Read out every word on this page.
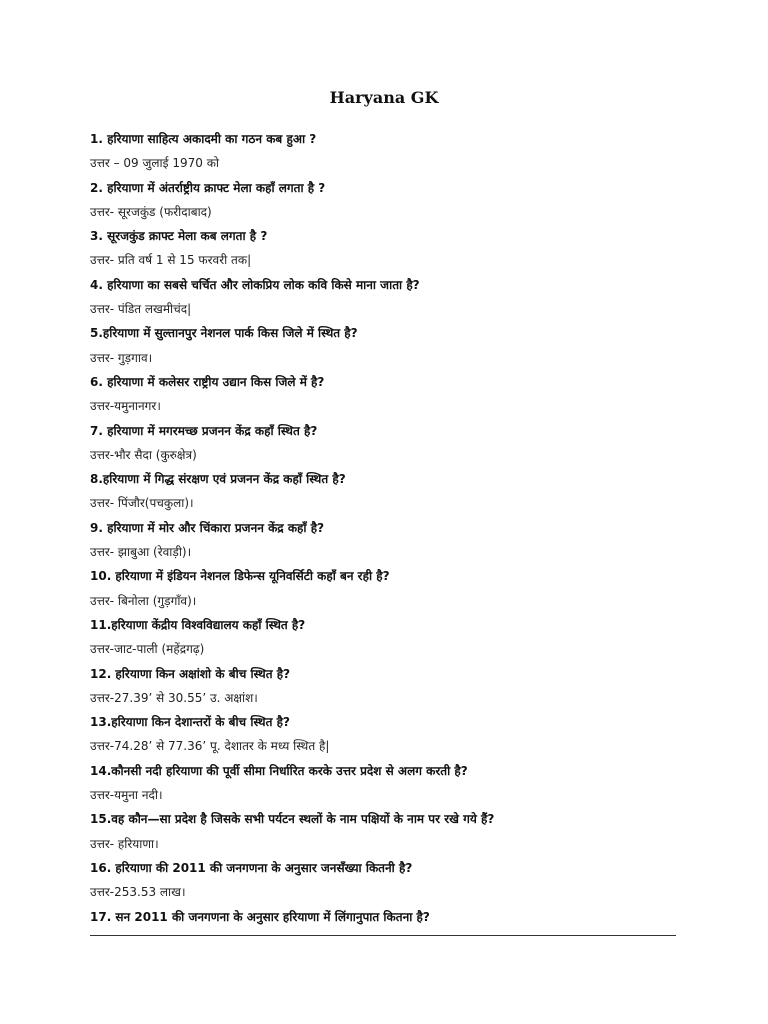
Haryana GK
1. हरियाणा साहित्य अकादमी का गठन कब हुआ ?
उत्तर – 09 जुलाई 1970 को
2. हरियाणा में अंतर्राष्ट्रीय क्राफ्ट मेला कहाँ लगता है ?
उत्तर- सूरजकुंड (फरीदाबाद)
3. सूरजकुंड क्राफ्ट मेला कब लगता है ?
उत्तर- प्रति वर्ष 1 से 15 फरवरी तक|
4. हरियाणा का सबसे चर्चित और लोकप्रिय लोक कवि किसे माना जाता है?
उत्तर- पंडित लखमीचंद|
5.हरियाणा में सुल्तानपुर नेशनल पार्क किस जिले में स्थित है?
उत्तर- गुड़गाव।
6. हरियाणा में कलेसर राष्ट्रीय उद्यान किस जिले में है?
उत्तर-यमुनानगर।
7. हरियाणा में मगरमच्छ प्रजनन केंद्र कहाँ स्थित है?
उत्तर-भौर सैदा (कुरुक्षेत्र)
8.हरियाणा में गिद्ध संरक्षण एवं प्रजनन केंद्र कहाँ स्थित है?
उत्तर- पिंजौर(पचकुला)।
9. हरियाणा में मोर और चिंकारा प्रजनन केंद्र कहाँ है?
उत्तर- झाबुआ (रेवाड़ी)।
10. हरियाणा में इंडियन नेशनल डिफेन्स यूनिवर्सिटी कहाँ बन रही है?
उत्तर- बिनोला (गुड़गाँव)।
11.हरियाणा केंद्रीय विश्वविद्यालय कहाँ स्थित है?
उत्तर-जाट-पाली (महेंद्रगढ़)
12. हरियाणा किन अक्षांशो के बीच स्थित है?
उत्तर-27.39’ से 30.55’ उ. अक्षांश।
13.हरियाणा किन देशान्तरों के बीच स्थित है?
उत्तर-74.28’ से 77.36’ पू. देशातर के मध्य स्थित है|
14.कौनसी नदी हरियाणा की पूर्वी सीमा निर्धारित करके उत्तर प्रदेश से अलग करती है?
उत्तर-यमुना नदी।
15.वह कौन—सा प्रदेश है जिसके सभी पर्यटन स्थलों के नाम पक्षियों के नाम पर रखे गये हैं?
उत्तर- हरियाणा।
16. हरियाणा की 2011 की जनगणना के अनुसार जनसँख्या कितनी है?
उत्तर-253.53 लाख।
17. सन 2011 की जनगणना के अनुसार हरियाणा में लिंगानुपात कितना है?
